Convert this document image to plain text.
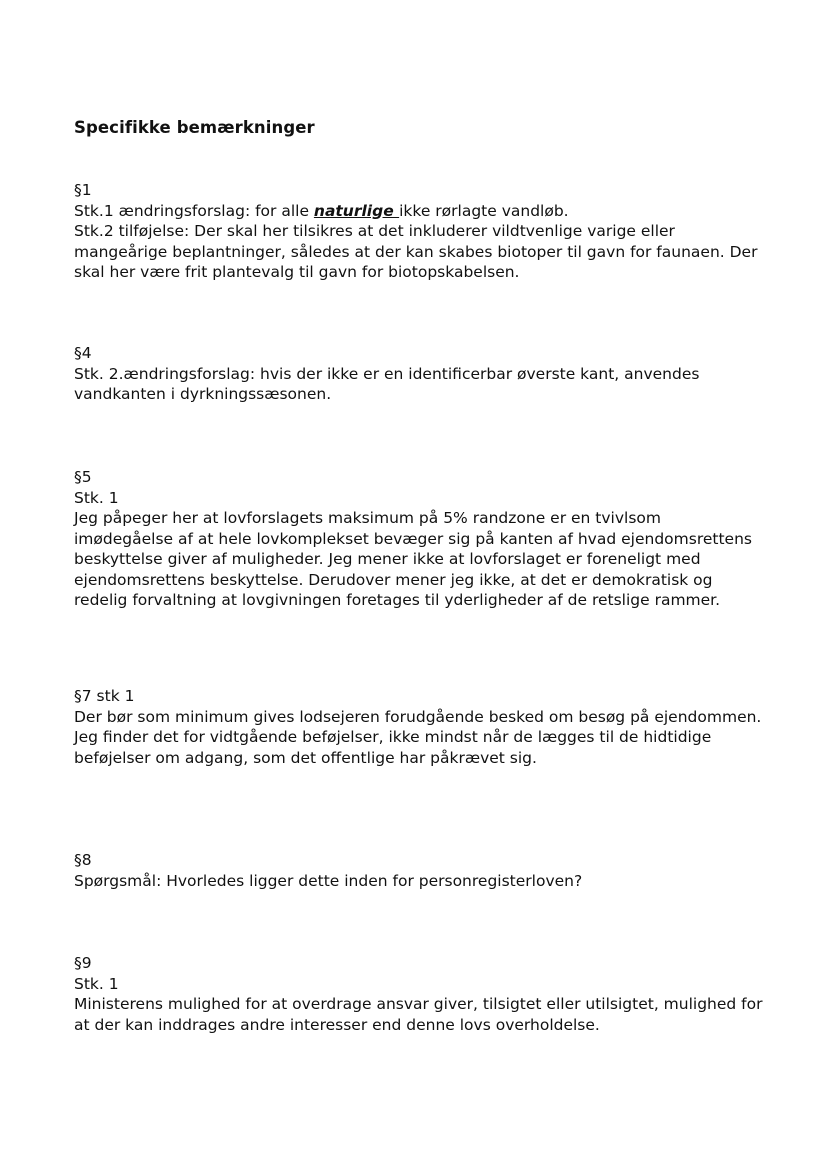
Specifikke bemærkninger

§1

Stk.1 ændringsforslag: for alle naturlige ikke rørlagte vandløb.

Stk.2 tilføjelse: Der skal her tilsikres at det inkluderer vildtvenlige varige eller mangeårige beplantninger, således at der kan skabes biotoper til gavn for faunaen. Der skal her være frit plantevalg til gavn for biotopskabelsen.

§4

Stk. 2.ændringsforslag: hvis der ikke er en identificerbar øverste kant, anvendes vandkanten i dyrkningssæsonen.

§5

Stk. 1

Jeg påpeger her at lovforslagets maksimum på 5% randzone er en tvivlsom imødegåelse af at hele lovkomplekset bevæger sig på kanten af hvad ejendomsrettens beskyttelse giver af muligheder. Jeg mener ikke at lovforslaget er foreneligt med ejendomsrettens beskyttelse. Derudover mener jeg ikke, at det er demokratisk og redelig forvaltning at lovgivningen foretages til yderligheder af de retslige rammer.

§7 stk 1

Der bør som minimum gives lodsejeren forudgående besked om besøg på ejendommen. Jeg finder det for vidtgående beføjelser, ikke mindst når de lægges til de hidtidige beføjelser om adgang, som det offentlige har påkrævet sig.

§8

Spørgsmål: Hvorledes ligger dette inden for personregisterloven?

§9

Stk. 1

Ministerens mulighed for at overdrage ansvar giver, tilsigtet eller utilsigtet, mulighed for at der kan inddrages andre interesser end denne lovs overholdelse.
